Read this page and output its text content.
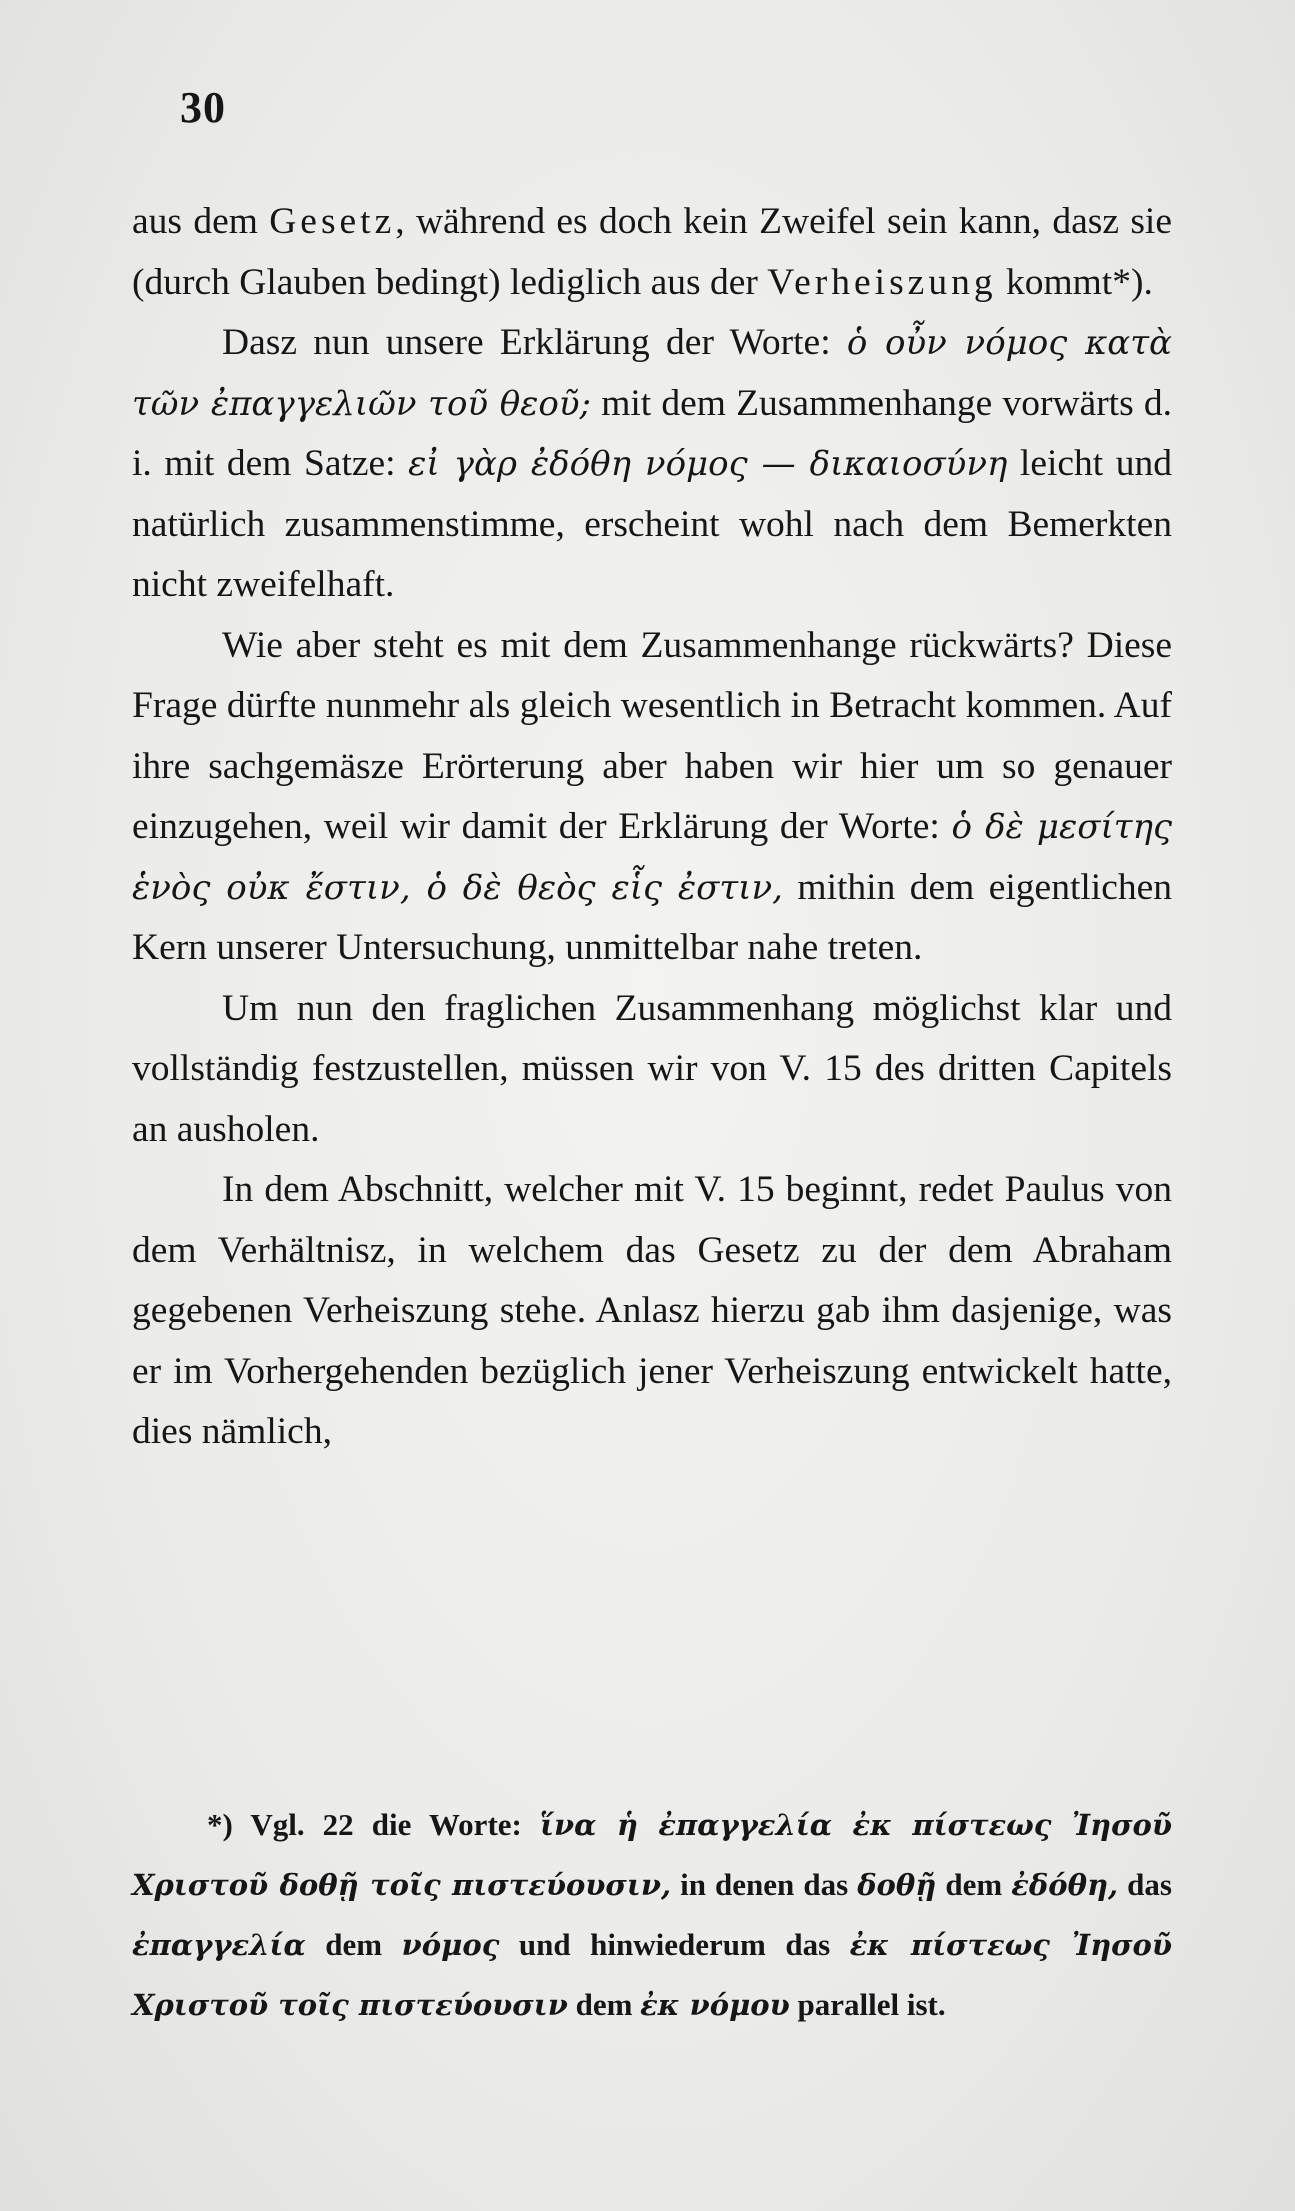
30

aus dem Gesetz, während es doch kein Zweifel sein kann, dasz sie (durch Glauben bedingt) lediglich aus der Verheiszung kommt*).

Dasz nun unsere Erklärung der Worte: ὁ οὖν νόμος κατὰ τῶν ἐπαγγελιῶν τοῦ θεοῦ; mit dem Zusammenhange vorwärts d. i. mit dem Satze: εἰ γὰρ ἐδόθη νόμος — δικαιοσύνη leicht und natürlich zusammenstimme, erscheint wohl nach dem Bemerkten nicht zweifelhaft.

Wie aber steht es mit dem Zusammenhange rückwärts? Diese Frage dürfte nunmehr als gleich wesentlich in Betracht kommen. Auf ihre sachgemäsze Erörterung aber haben wir hier um so genauer einzugehen, weil wir damit der Erklärung der Worte: ὁ δὲ μεσίτης ἑνὸς οὐκ ἔστιν, ὁ δὲ θεὸς εἷς ἐστιν, mithin dem eigentlichen Kern unserer Untersuchung, unmittelbar nahe treten.

Um nun den fraglichen Zusammenhang möglichst klar und vollständig festzustellen, müssen wir von V. 15 des dritten Capitels an ausholen.

In dem Abschnitt, welcher mit V. 15 beginnt, redet Paulus von dem Verhältnisz, in welchem das Gesetz zu der dem Abraham gegebenen Verheiszung stehe. Anlasz hierzu gab ihm dasjenige, was er im Vorhergehenden bezüglich jener Verheiszung entwickelt hatte, dies nämlich,

*) Vgl. 22 die Worte: ἵνα ἡ ἐπαγγελία ἐκ πίστεως Ἰησοῦ Χριστοῦ δοθῇ τοῖς πιστεύουσιν, in denen das δοθῇ dem ἐδόθη, das ἐπαγγελία dem νόμος und hinwiederum das ἐκ πίστεως Ἰησοῦ Χριστοῦ τοῖς πιστεύουσιν dem ἐκ νόμου parallel ist.
